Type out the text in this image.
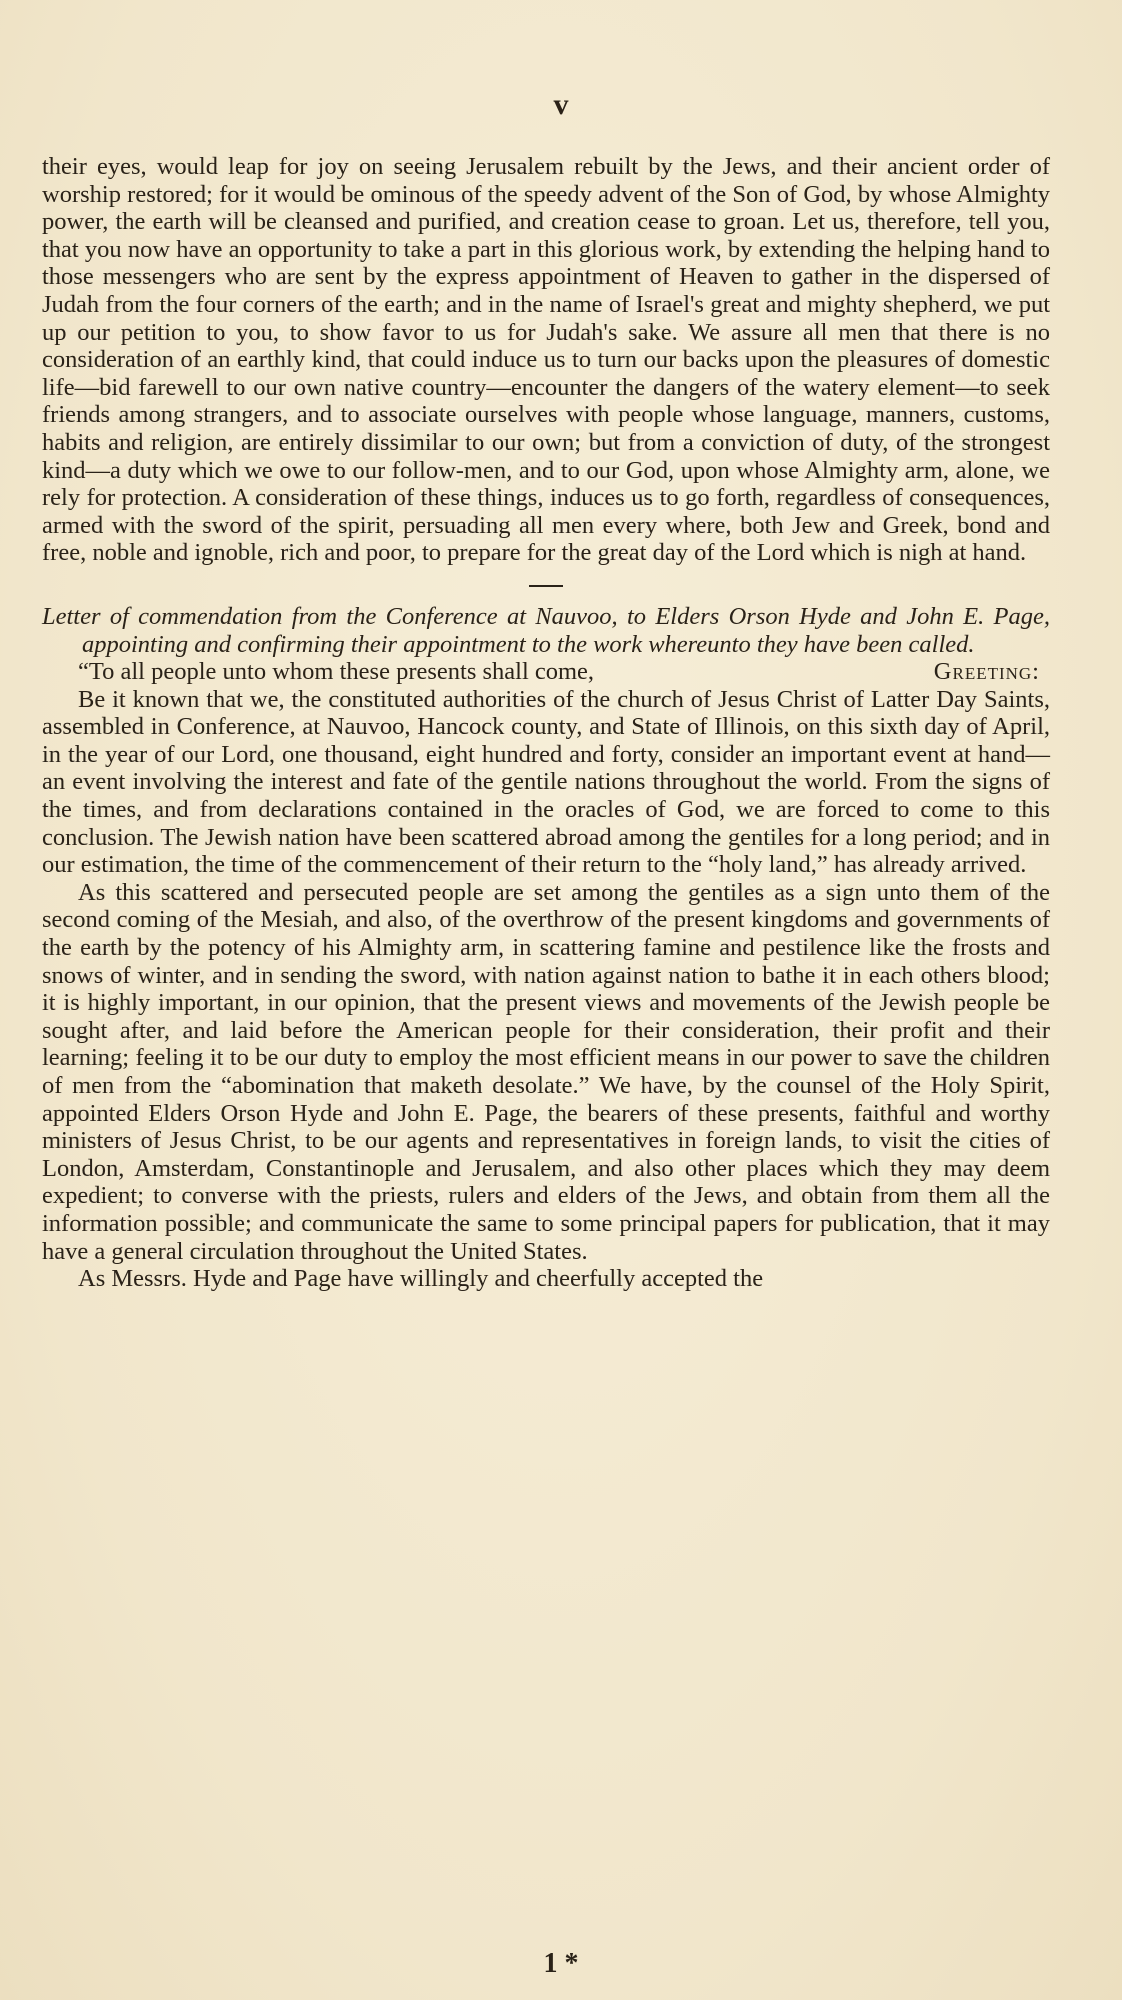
v

their eyes, would leap for joy on seeing Jerusalem rebuilt by the Jews, and their ancient order of worship restored; for it would be ominous of the speedy advent of the Son of God, by whose Almighty power, the earth will be cleansed and purified, and creation cease to groan. Let us, therefore, tell you, that you now have an opportunity to take a part in this glorious work, by extending the helping hand to those messengers who are sent by the express appointment of Heaven to gather in the dispersed of Judah from the four corners of the earth; and in the name of Israel's great and mighty shepherd, we put up our petition to you, to show favor to us for Judah's sake. We assure all men that there is no consideration of an earthly kind, that could induce us to turn our backs upon the pleasures of domestic life—bid farewell to our own native country—encounter the dangers of the watery element—to seek friends among strangers, and to associate ourselves with people whose language, manners, customs, habits and religion, are entirely dissimilar to our own; but from a conviction of duty, of the strongest kind—a duty which we owe to our follow-men, and to our God, upon whose Almighty arm, alone, we rely for protection. A consideration of these things, induces us to go forth, regardless of consequences, armed with the sword of the spirit, persuading all men every where, both Jew and Greek, bond and free, noble and ignoble, rich and poor, to prepare for the great day of the Lord which is nigh at hand.

Letter of commendation from the Conference at Nauvoo, to Elders Orson Hyde and John E. Page, appointing and confirming their appointment to the work whereunto they have been called.

“To all people unto whom these presents shall come,	Greeting:

Be it known that we, the constituted authorities of the church of Jesus Christ of Latter Day Saints, assembled in Conference, at Nauvoo, Hancock county, and State of Illinois, on this sixth day of April, in the year of our Lord, one thousand, eight hundred and forty, consider an important event at hand—an event involving the interest and fate of the gentile nations throughout the world. From the signs of the times, and from declarations contained in the oracles of God, we are forced to come to this conclusion. The Jewish nation have been scattered abroad among the gentiles for a long period; and in our estimation, the time of the commencement of their return to the “holy land,” has already arrived.

As this scattered and persecuted people are set among the gentiles as a sign unto them of the second coming of the Mesiah, and also, of the overthrow of the present kingdoms and governments of the earth by the potency of his Almighty arm, in scattering famine and pestilence like the frosts and snows of winter, and in sending the sword, with nation against nation to bathe it in each others blood; it is highly important, in our opinion, that the present views and movements of the Jewish people be sought after, and laid before the American people for their consideration, their profit and their learning; feeling it to be our duty to employ the most efficient means in our power to save the children of men from the “abomination that maketh desolate.” We have, by the counsel of the Holy Spirit, appointed Elders Orson Hyde and John E. Page, the bearers of these presents, faithful and worthy ministers of Jesus Christ, to be our agents and representatives in foreign lands, to visit the cities of London, Amsterdam, Constantinople and Jerusalem, and also other places which they may deem expedient; to converse with the priests, rulers and elders of the Jews, and obtain from them all the information possible; and communicate the same to some principal papers for publication, that it may have a general circulation throughout the United States.

As Messrs. Hyde and Page have willingly and cheerfully accepted the

1 *
